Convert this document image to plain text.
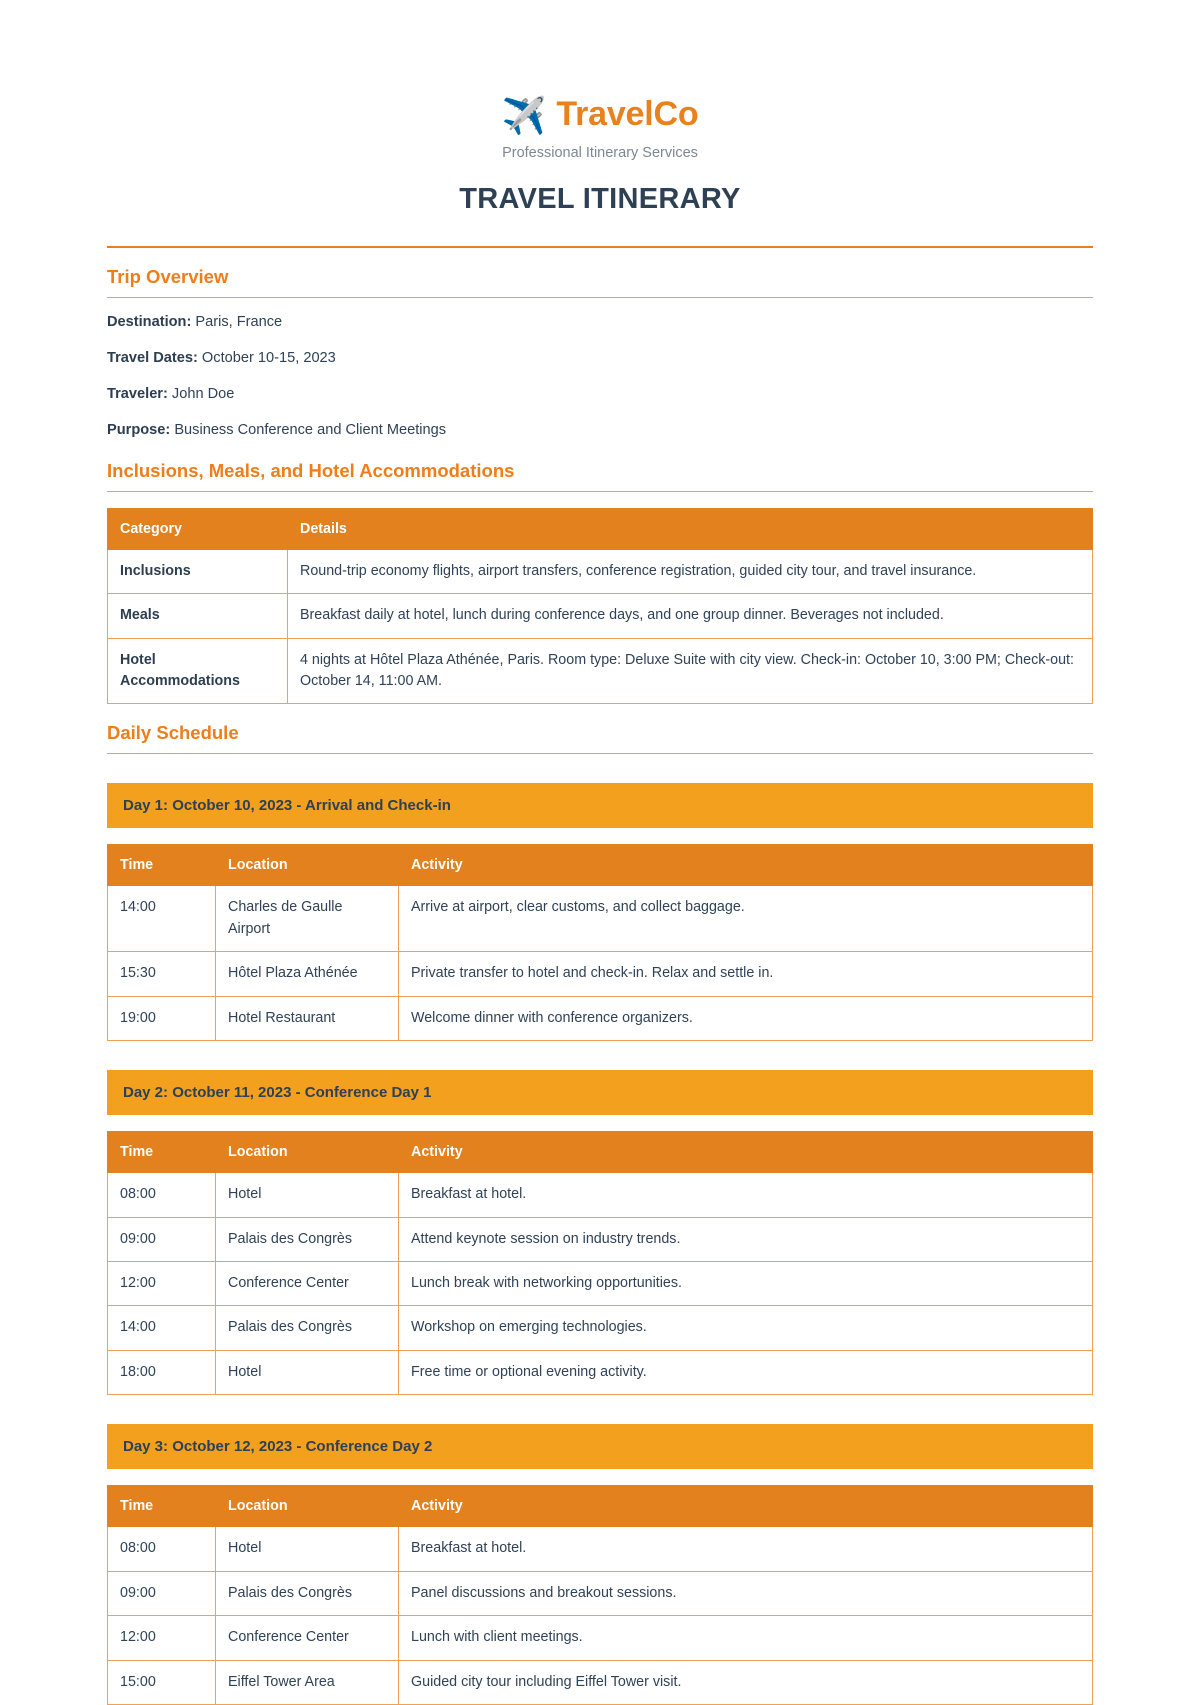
✈️ TravelCo
Professional Itinerary Services
TRAVEL ITINERARY
Trip Overview
Destination: Paris, France
Travel Dates: October 10-15, 2023
Traveler: John Doe
Purpose: Business Conference and Client Meetings
Inclusions, Meals, and Hotel Accommodations
Category	Details
Inclusions	Round-trip economy flights, airport transfers, conference registration, guided city tour, and travel insurance.
Meals	Breakfast daily at hotel, lunch during conference days, and one group dinner. Beverages not included.
Hotel Accommodations	4 nights at Hôtel Plaza Athénée, Paris. Room type: Deluxe Suite with city view. Check-in: October 10, 3:00 PM; Check-out: October 14, 11:00 AM.
Daily Schedule
Day 1: October 10, 2023 - Arrival and Check-in
Time	Location	Activity
14:00	Charles de Gaulle Airport	Arrive at airport, clear customs, and collect baggage.
15:30	Hôtel Plaza Athénée	Private transfer to hotel and check-in. Relax and settle in.
19:00	Hotel Restaurant	Welcome dinner with conference organizers.
Day 2: October 11, 2023 - Conference Day 1
Time	Location	Activity
08:00	Hotel	Breakfast at hotel.
09:00	Palais des Congrès	Attend keynote session on industry trends.
12:00	Conference Center	Lunch break with networking opportunities.
14:00	Palais des Congrès	Workshop on emerging technologies.
18:00	Hotel	Free time or optional evening activity.
Day 3: October 12, 2023 - Conference Day 2
Time	Location	Activity
08:00	Hotel	Breakfast at hotel.
09:00	Palais des Congrès	Panel discussions and breakout sessions.
12:00	Conference Center	Lunch with client meetings.
15:00	Eiffel Tower Area	Guided city tour including Eiffel Tower visit.
